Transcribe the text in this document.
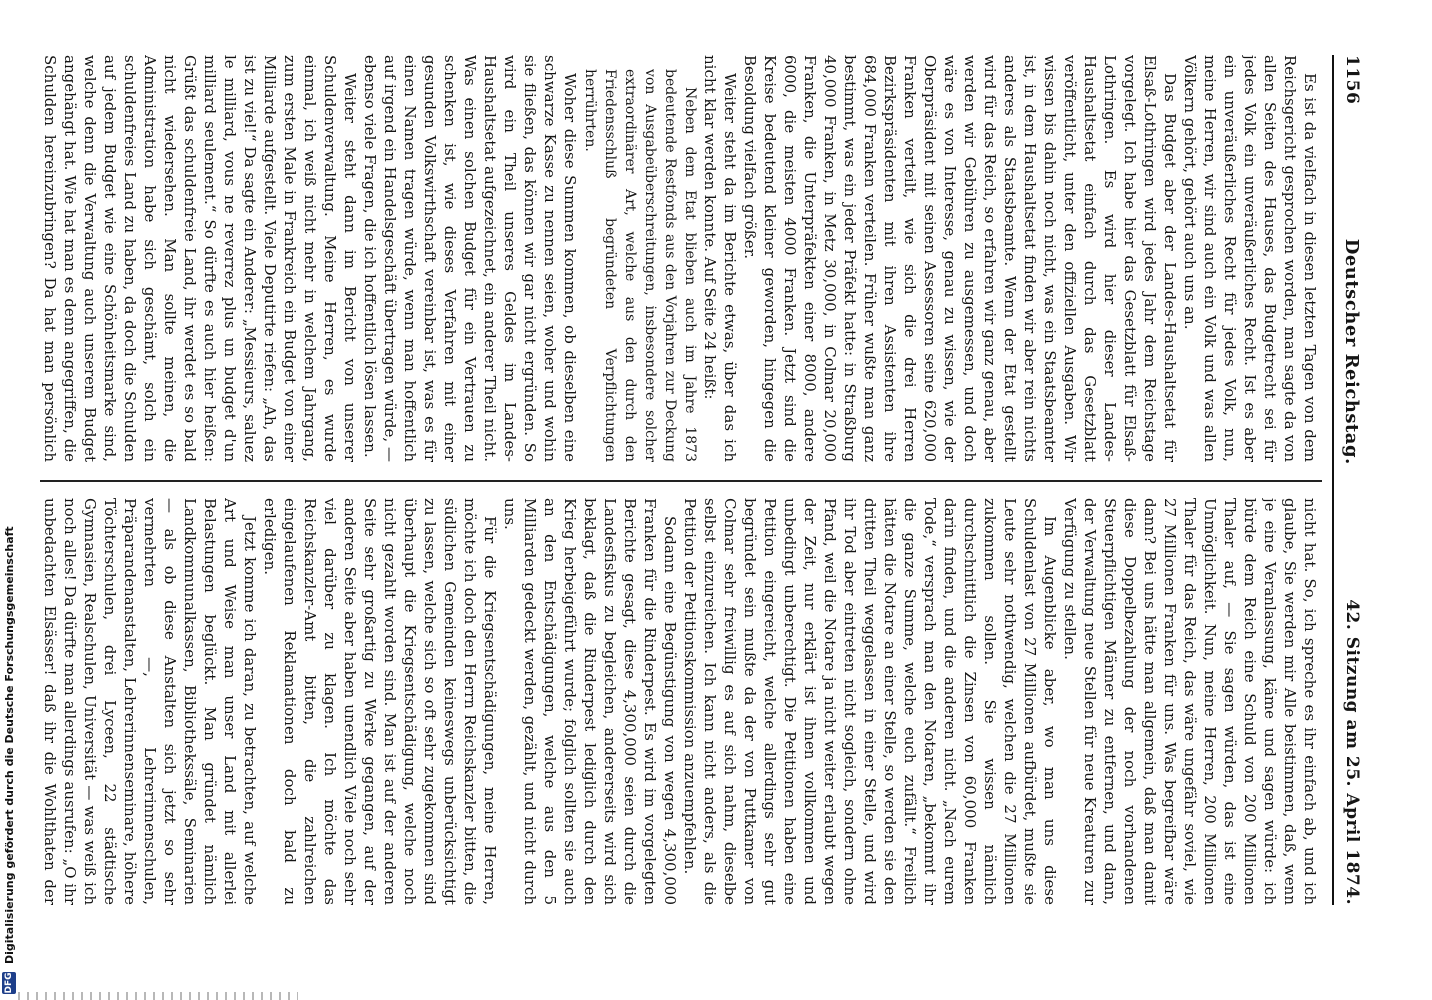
1156
Deutscher Reichstag.
42. Sitzung am 25. April 1874.

Es ist da vielfach in diesen letzten Tagen von dem Reichsgericht gesprochen worden, man sagte da von allen Seiten des Hauses, das Budgetrecht sei für jedes Volk ein unveräußerliches Recht. Ist es aber ein unveräußerliches Recht für jedes Volk, nun, meine Herren, wir sind auch ein Volk und was allen Völkern gehört, gehört auch uns an.

Das Budget aber der Landes-Haushaltsetat für Elsaß-Lothringen wird jedes Jahr dem Reichstage vorgelegt. Ich habe hier das Gesetzblatt für Elsaß-Lothringen. Es wird hier dieser Landes-Haushaltsetat einfach durch das Gesetzblatt veröffentlicht, unter den offiziellen Ausgaben. Wir wissen bis dahin noch nicht, was ein Staatsbeamter ist, in dem Haushaltsetat finden wir aber rein nichts anderes als Staatsbeamte. Wenn der Etat gestellt wird für das Reich, so erfahren wir ganz genau, aber werden wir Gebühren zu ausgemessen, und doch wäre es von Interesse, genau zu wissen, wie der Oberpräsident mit seinen Assessoren seine 620,000 Franken verteilt, wie sich die drei Herren Bezirkspräsidenten mit ihren Assistenten ihre 684,000 Franken verteilen. Früher wußte man ganz bestimmt, was ein jeder Präfekt hatte: in Straßburg 40,000 Franken, in Metz 30,000, in Colmar 20,000 Franken, die Unterpräfekten einer 8000, andere 6000, die meisten 4000 Franken. Jetzt sind die Kreise bedeutend kleiner geworden, hingegen die Besoldung vielfach größer.

Weiter steht da im Berichte etwas, über das ich nicht klar werden konnte. Auf Seite 24 heißt:

Neben dem Etat blieben auch im Jahre 1873 bedeutende Restfonds aus den Vorjahren zur Deckung von Ausgabeüberschreitungen, insbesondere solcher extraordinärer Art, welche aus den durch den Friedensschluß begründeten Verpflichtungen herrührten.

Woher diese Summen kommen, ob dieselben eine schwarze Kasse zu nennen seien, woher und wohin sie fließen, das können wir gar nicht ergründen. So wird ein Theil unseres Geldes im Landes-Haushaltsetat aufgezeichnet, ein anderer Theil nicht. Was einen solchen Budget für ein Vertrauen zu schenken ist, wie dieses Verfahren mit einer gesunden Volkswirthschaft vereinbar ist, was es für einen Namen tragen würde, wenn man hoffentlich auf irgend ein Handelsgeschäft übertragen würde, — ebenso viele Fragen, die ich hoffentlich lösen lassen.

Weiter steht dann im Bericht von unserer Schuldenverwaltung. Meine Herren, es wurde einmal, ich weiß nicht mehr in welchem Jahrgang, zum ersten Male in Frankreich ein Budget von einer Milliarde aufgestellt. Viele Deputirte riefen: „Ah, das ist zu viel!“ Da sagte ein Anderer: „Messieurs, saluez le milliard, vous ne reverrez plus un budget d'un milliard seulement.“ So dürfte es auch hier heißen: Grüßt das schuldenfreie Land, ihr werdet es so bald nicht wiedersehen. Man sollte meinen, die Administration habe sich geschämt, solch ein schuldenfreies Land zu haben, da doch die Schulden auf jedem Budget wie eine Schönheitsmarke sind, welche denn die Verwaltung auch unserem Budget angehängt hat. Wie hat man es denn angegriffen, die Schulden hereinzubringen? Da hat man persönlich

nicht hat. So, ich spreche es ihr einfach ab, und ich glaube, Sie werden mir Alle beistimmen, daß, wenn je eine Veranlassung, käme und sagen würde: ich bürde dem Reich eine Schuld von 200 Millionen Thaler auf, — Sie sagen würden, das ist eine Unmöglichkeit. Nun, meine Herren, 200 Millionen Thaler für das Reich, das wäre ungefähr soviel, wie 27 Millionen Franken für uns. Was begreifbar wäre dann? Bei uns hätte man allgemein, daß man damit diese Doppelbezahlung der noch vorhandenen Steuerpflichtigen Männer zu entfernen, und dann, der Verwaltung neue Stellen für neue Kreaturen zur Verfügung zu stellen.

Im Augenblicke aber, wo man uns diese Schuldenlast von 27 Millionen aufbürdet, mußte sie Leute sehr nothwendig, welchen die 27 Millionen zukommen sollen. Sie wissen nämlich durchschnittlich die Zinsen von 60,000 Franken darin finden, und die anderen nicht. „Nach eurem Tode,“ versprach man den Notaren, „bekommt ihr die ganze Summe, welche euch zufällt.“ Freilich hätten die Notare an einer Stelle, so werden sie den dritten Theil weggelassen in einer Stelle, und wird ihr Tod aber eintreten nicht sogleich, sondern ohne Pfand, weil die Notare ja nicht weiter erlaubt wegen der Zeit, nur erklärt ist ihnen vollkommen und unbedingt unberechtigt. Die Petitionen haben eine Petition eingereicht, welche allerdings sehr gut begründet sein mußte da der von Puttkamer von Colmar sehr freiwillig es auf sich nahm, dieselbe selbst einzureichen. Ich kann nicht anders, als die Petition der Petitionskommission anzuempfehlen.

Sodann eine Begünstigung von wegen 4,300,000 Franken für die Rinderpest. Es wird im vorgelegten Berichte gesagt, diese 4,300,000 seien durch die Landesfiskus zu begleichen, andererseits wird sich beklagt, daß die Rinderpest lediglich durch den Krieg herbeigeführt wurde; folglich sollten sie auch an den Entschädigungen, welche aus den 5 Milliarden gedeckt werden, gezählt, und nicht durch uns.

Für die Kriegsentschädigungen, meine Herren, möchte ich doch den Herrn Reichskanzler bitten, die südlichen Gemeinden keineswegs unberücksichtigt zu lassen, welche sich so oft sehr zugekommen sind überhaupt die Kriegsentschädigung, welche noch nicht gezahlt worden sind. Man ist auf der anderen Seite sehr großartig zu Werke gegangen, auf der anderen Seite aber haben unendlich Viele noch sehr viel darüber zu klagen. Ich möchte das Reichskanzler-Amt bitten, die zahlreichen eingelaufenen Reklamationen doch bald zu erledigen.

Jetzt komme ich daran, zu betrachten, auf welche Art und Weise man unser Land mit allerlei Belastungen beglückt. Man gründet nämlich Landkommunalkassen, Bibliothekssäle, Seminarien — als ob diese Anstalten sich jetzt so sehr vermehrten —, Lehrerinnenschulen, Präparandenanstalten, Lehrerinnenseminare, höhere Töchterschulen, drei Lyceen, 22 städtische Gymnasien, Realschulen, Universität — was weiß ich noch alles! Da dürfte man allerdings ausrufen: „O ihr unbedachten Elsässer! daß ihr die Wohlthaten der

DFG
Digitalisierung gefördert durch die Deutsche Forschungsgemeinschaft
